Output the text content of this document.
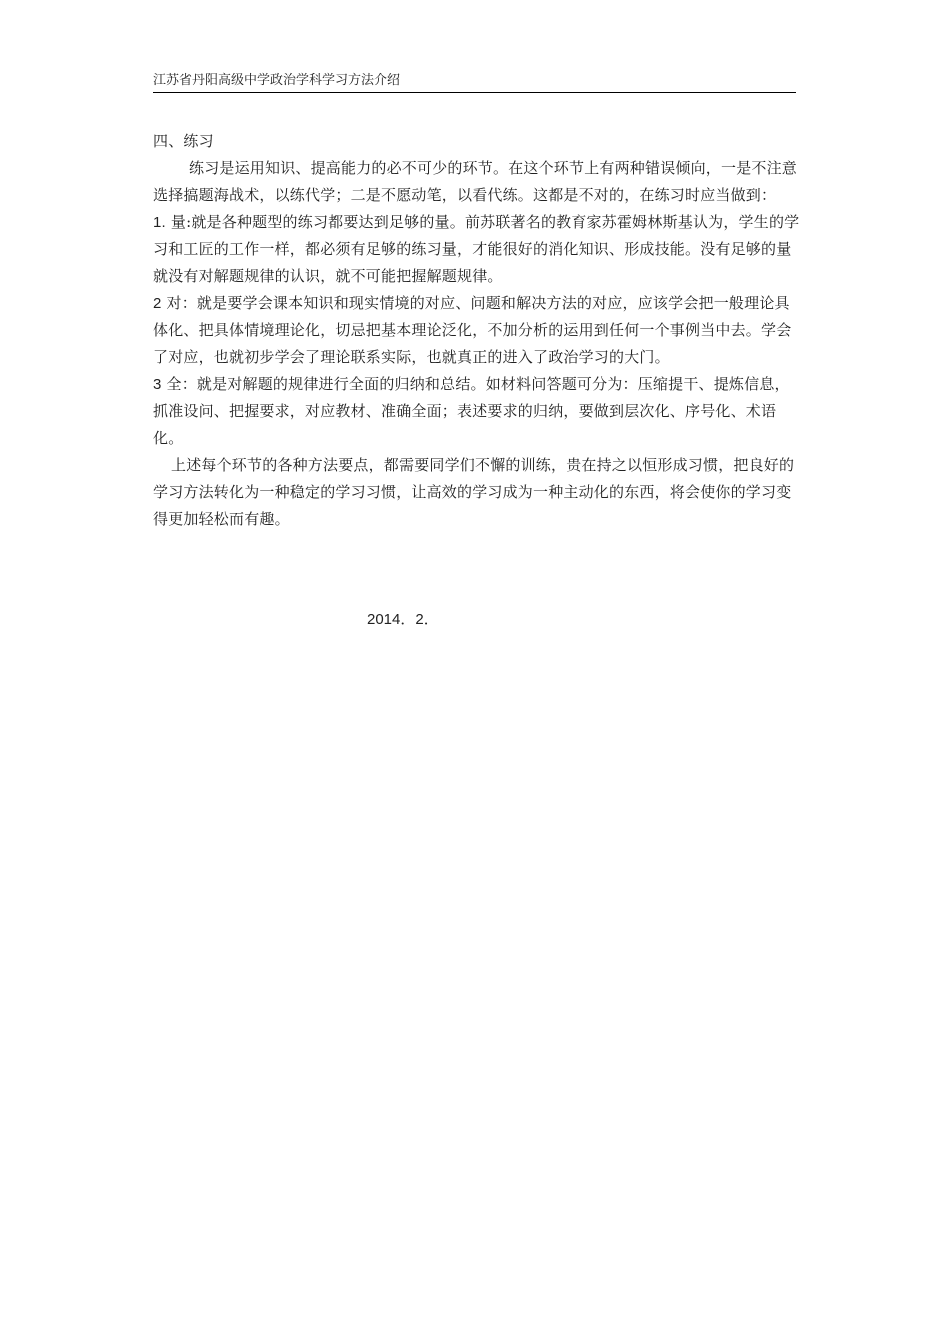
江苏省丹阳高级中学政治学科学习方法介绍

四、练习

练习是运用知识、提高能力的必不可少的环节。在这个环节上有两种错误倾向，一是不注意选择搞题海战术，以练代学；二是不愿动笔，以看代练。这都是不对的，在练习时应当做到：

1. 量:就是各种题型的练习都要达到足够的量。前苏联著名的教育家苏霍姆林斯基认为，学生的学习和工匠的工作一样，都必须有足够的练习量，才能很好的消化知识、形成技能。没有足够的量就没有对解题规律的认识，就不可能把握解题规律。

2 对：就是要学会课本知识和现实情境的对应、问题和解决方法的对应，应该学会把一般理论具体化、把具体情境理论化，切忌把基本理论泛化，不加分析的运用到任何一个事例当中去。学会了对应，也就初步学会了理论联系实际，也就真正的进入了政治学习的大门。

3 全：就是对解题的规律进行全面的归纳和总结。如材料问答题可分为：压缩提干、提炼信息，抓准设问、把握要求，对应教材、准确全面；表述要求的归纳，要做到层次化、序号化、术语化。

上述每个环节的各种方法要点，都需要同学们不懈的训练，贵在持之以恒形成习惯，把良好的学习方法转化为一种稳定的学习习惯，让高效的学习成为一种主动化的东西，将会使你的学习变得更加轻松而有趣。

2014．2．
